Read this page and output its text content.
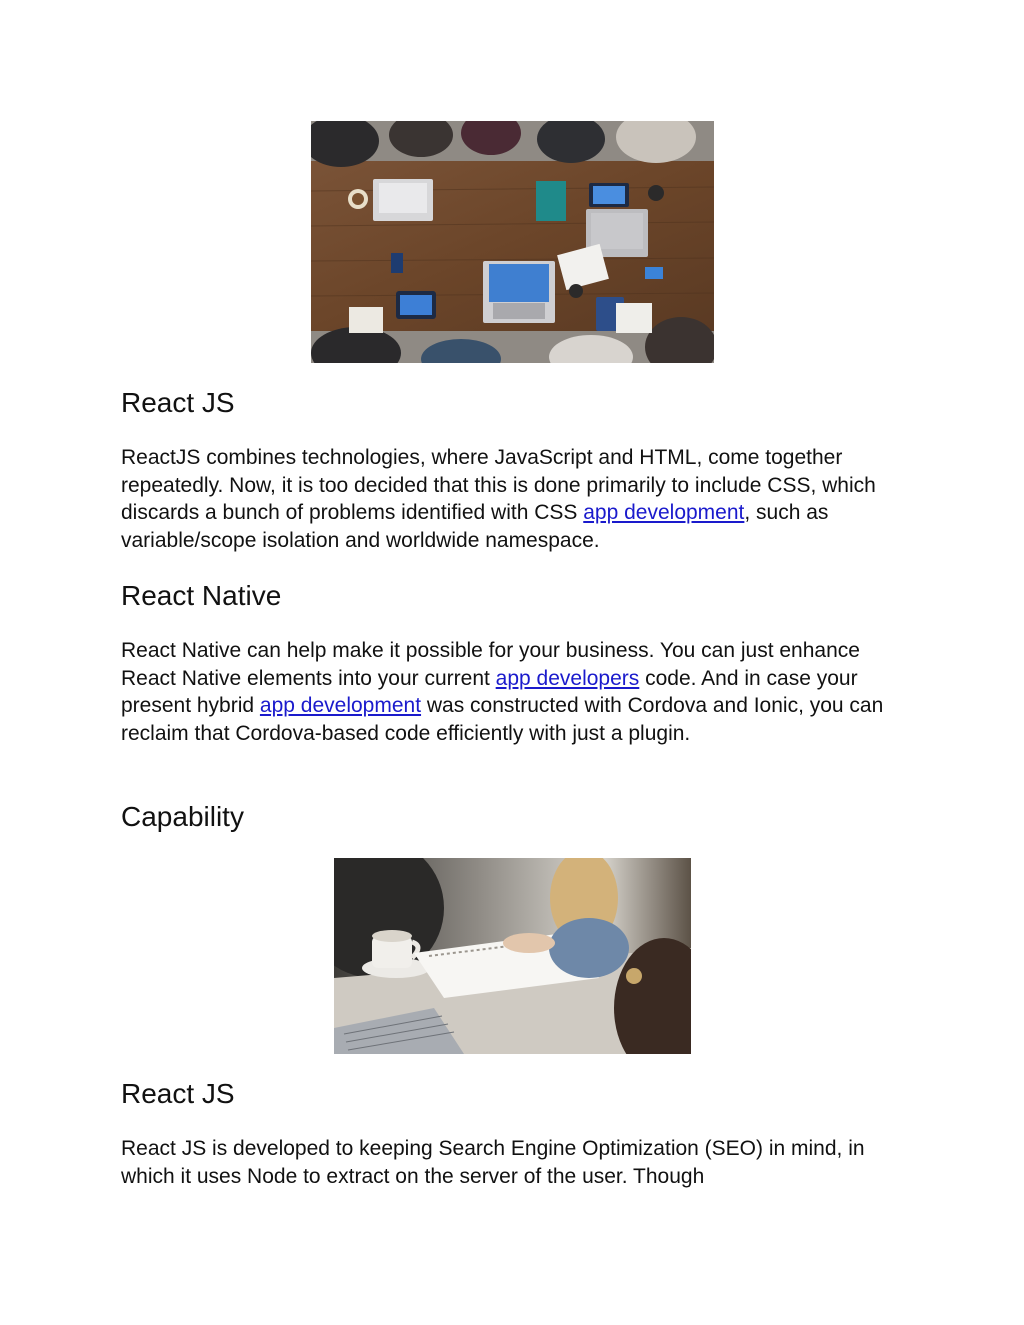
React JS

ReactJS combines technologies, where JavaScript and HTML, come together repeatedly. Now, it is too decided that this is done primarily to include CSS, which discards a bunch of problems identified with CSS app development, such as variable/scope isolation and worldwide namespace.

React Native

React Native can help make it possible for your business. You can just enhance React Native elements into your current app developers code. And in case your present hybrid app development was constructed with Cordova and Ionic, you can reclaim that Cordova-based code efficiently with just a plugin.

Capability
React JS

React JS is developed to keeping Search Engine Optimization (SEO) in mind, in which it uses Node to extract on the server of the user. Though
